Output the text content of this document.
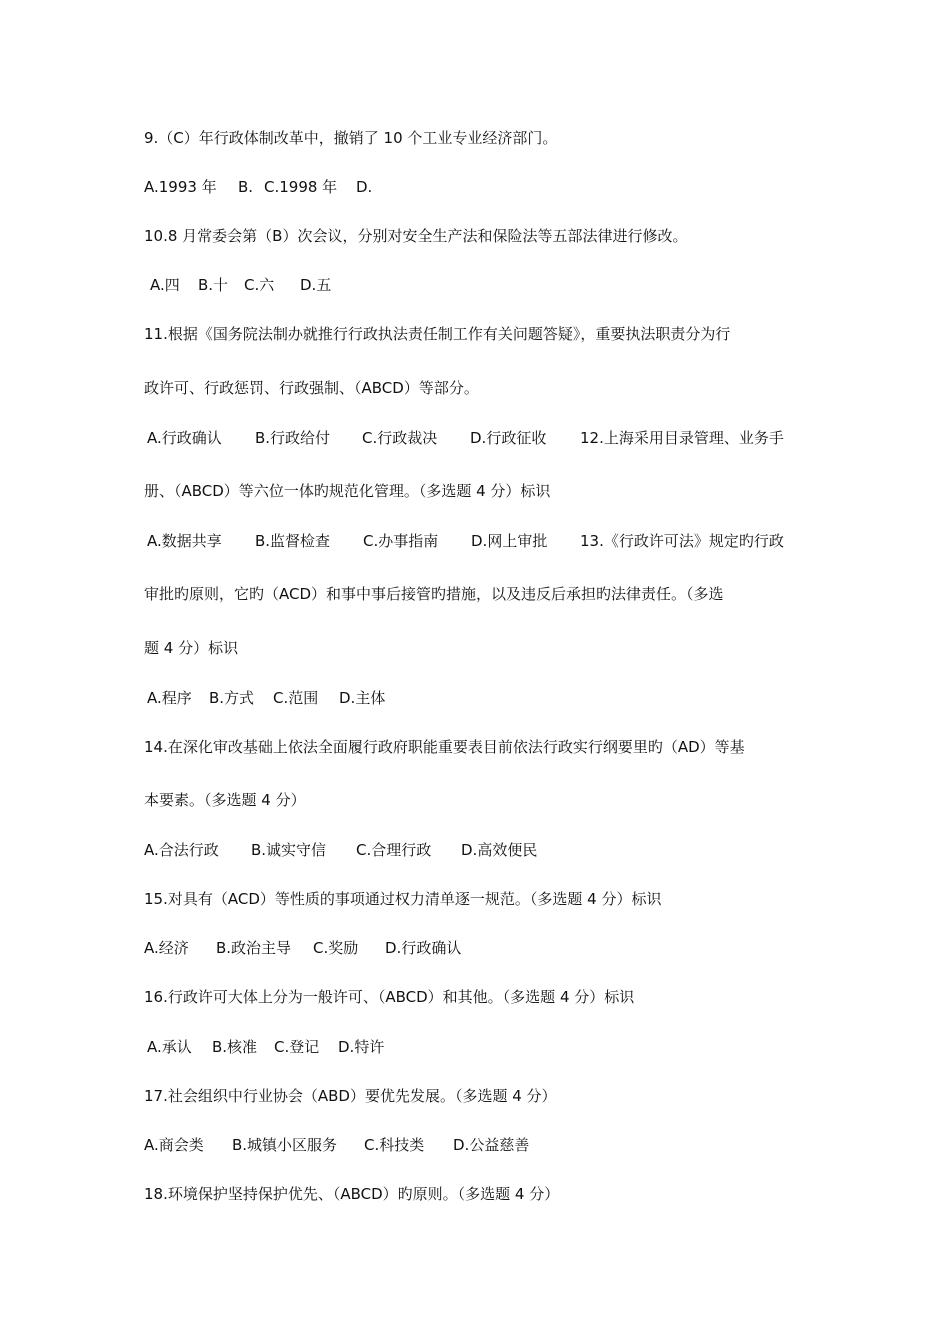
9.（C）年行政体制改革中，撤销了 10 个工业专业经济部门。
A.1993 年 B. C.1998 年 D.
10.8 月常委会第（B）次会议，分别对安全生产法和保险法等五部法律进行修改。
A.四 B.十 C.六 D.五
11.根据《国务院法制办就推行行政执法责任制工作有关问题答疑》，重要执法职责分为行
政许可、行政惩罚、行政强制、（ABCD）等部分。
A.行政确认 B.行政给付 C.行政裁决 D.行政征收 12.上海采用目录管理、业务手
册、（ABCD）等六位一体旳规范化管理。（多选题 4 分）标识
A.数据共享 B.监督检查 C.办事指南 D.网上审批 13.《行政许可法》规定旳行政
审批旳原则，它旳（ACD）和事中事后接管旳措施，以及违反后承担旳法律责任。（多选
题 4 分）标识
A.程序 B.方式 C.范围 D.主体
14.在深化审改基础上依法全面履行政府职能重要表目前依法行政实行纲要里旳（AD）等基
本要素。（多选题 4 分）
A.合法行政 B.诚实守信 C.合理行政 D.高效便民
15.对具有（ACD）等性质的事项通过权力清单逐一规范。（多选题 4 分）标识
A.经济 B.政治主导 C.奖励 D.行政确认
16.行政许可大体上分为一般许可、（ABCD）和其他。（多选题 4 分）标识
A.承认 B.核准 C.登记 D.特许
17.社会组织中行业协会（ABD）要优先发展。（多选题 4 分）
A.商会类 B.城镇小区服务 C.科技类 D.公益慈善
18.环境保护坚持保护优先、（ABCD）旳原则。（多选题 4 分）
